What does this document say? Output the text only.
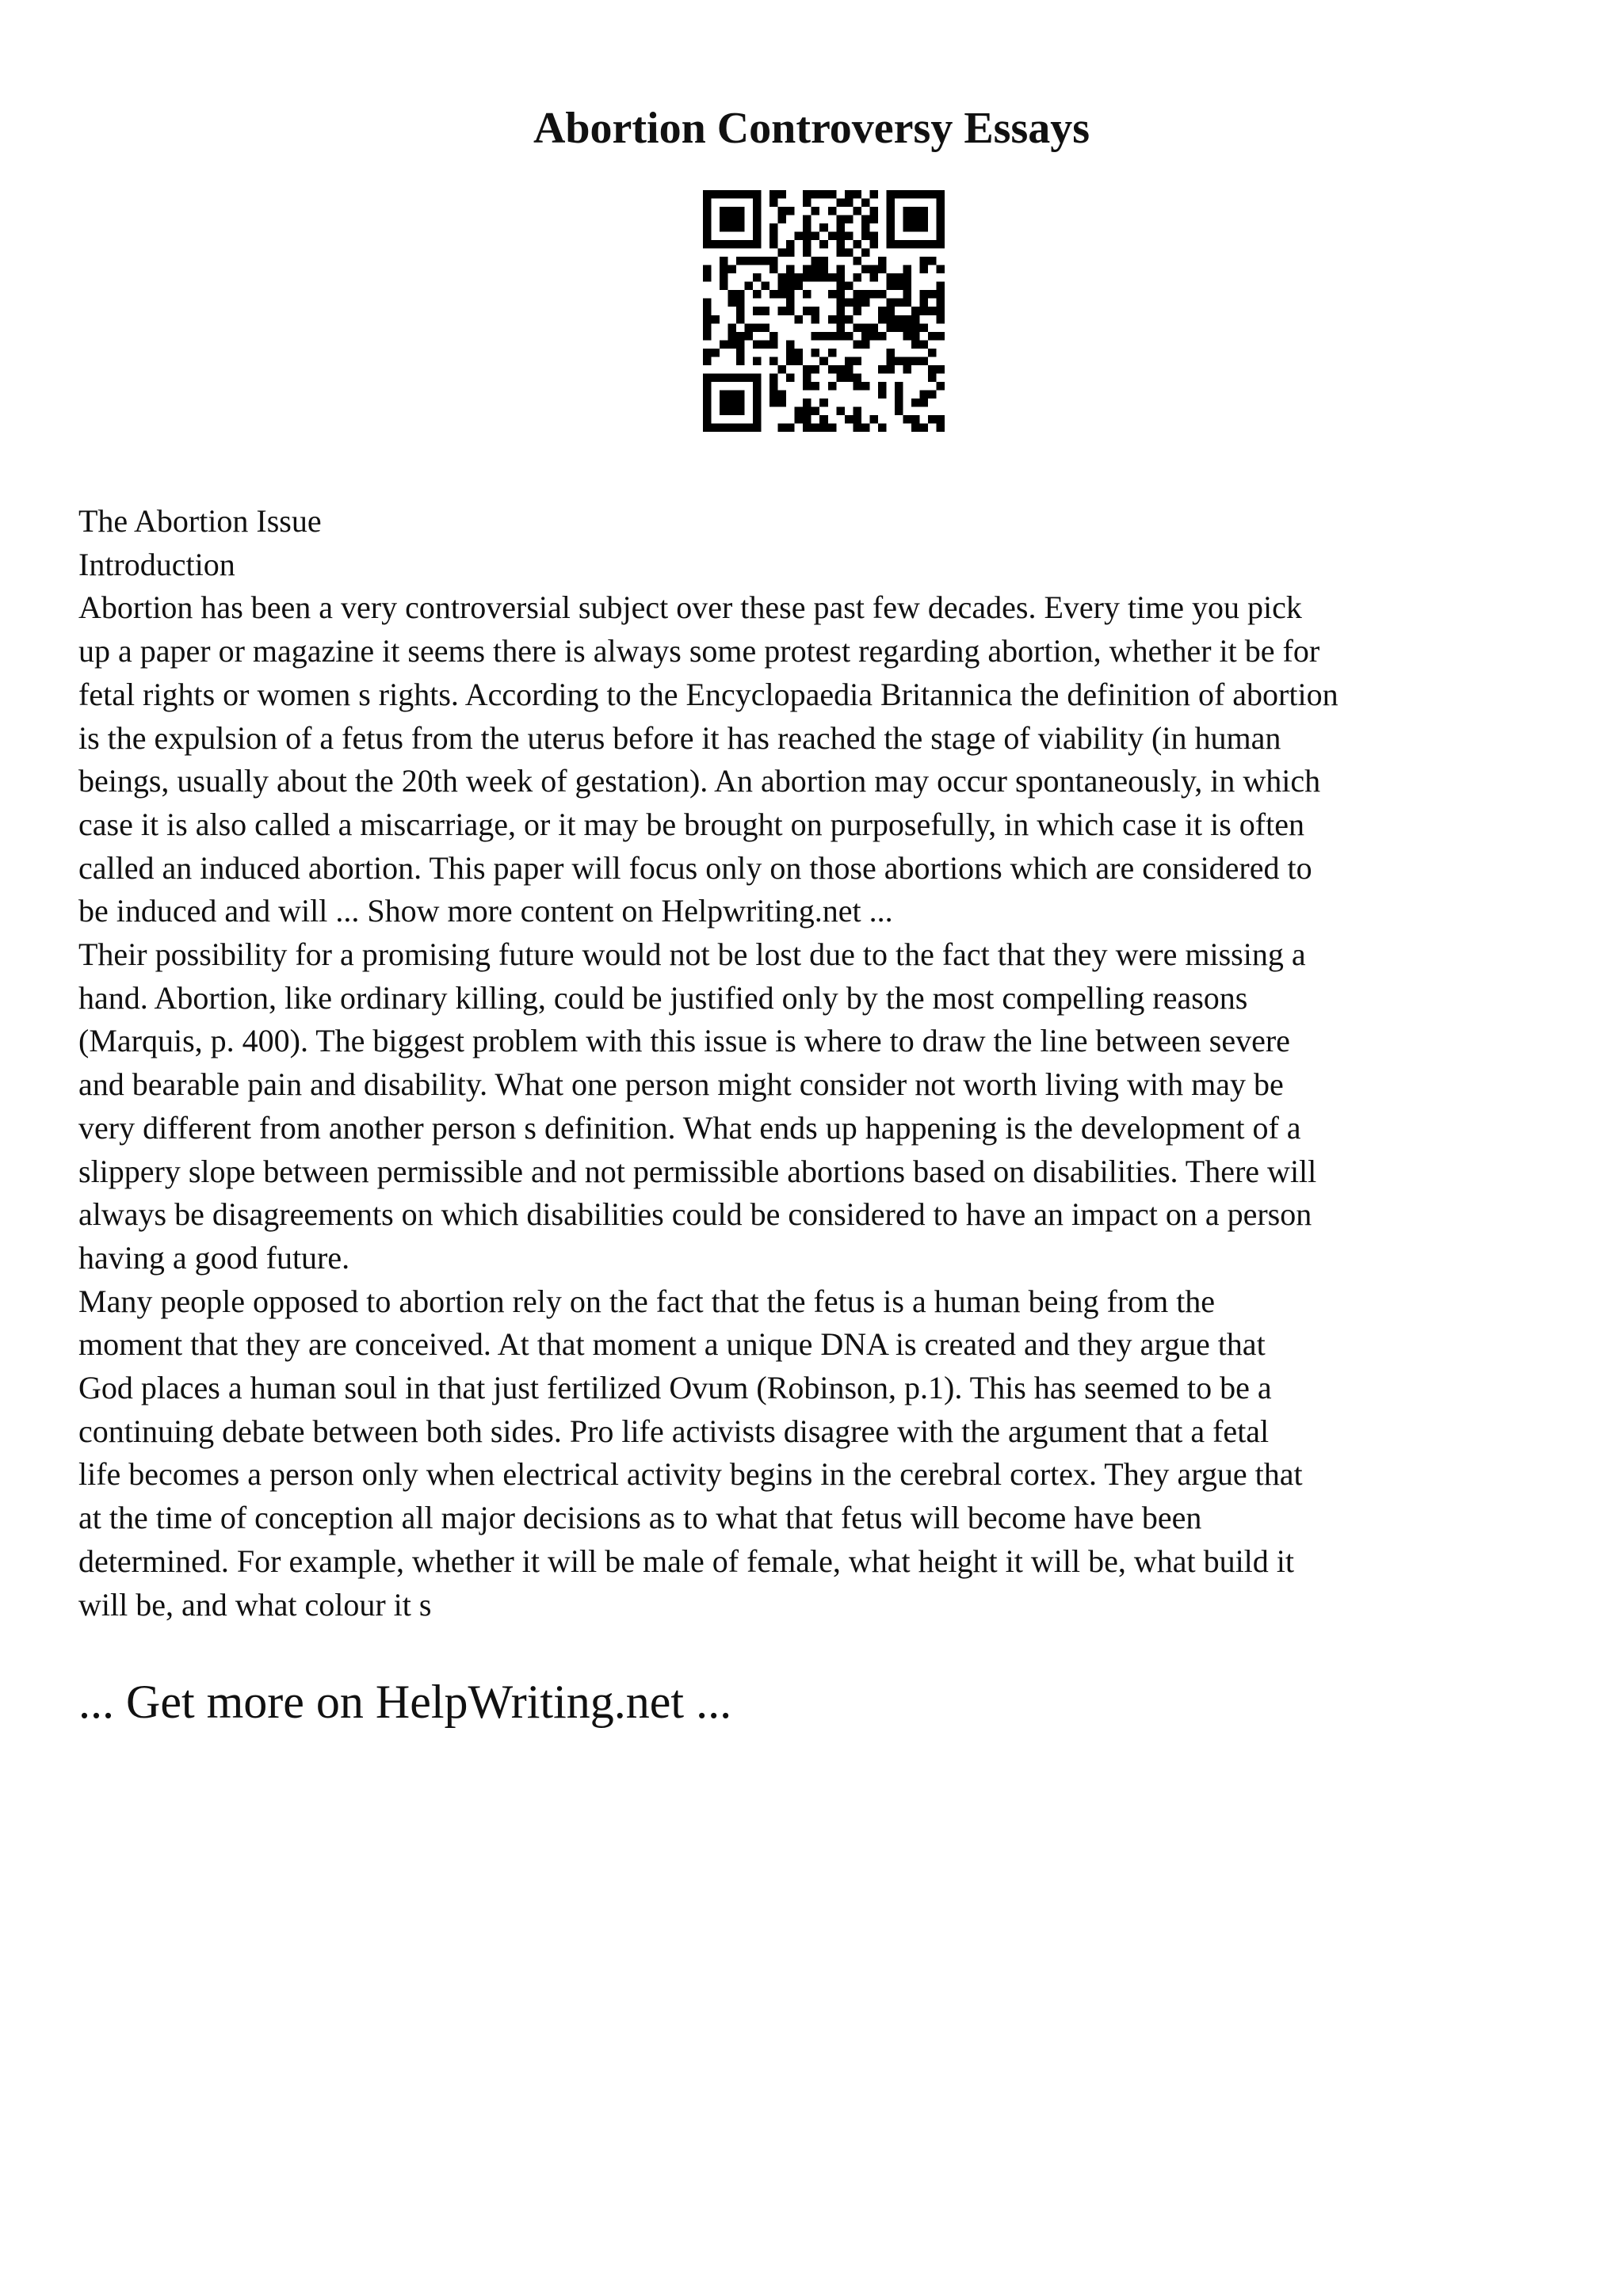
Abortion Controversy Essays

The Abortion Issue
Introduction

Abortion has been a very controversial subject over these past few decades. Every time you pick
up a paper or magazine it seems there is always some protest regarding abortion, whether it be for
fetal rights or women s rights. According to the Encyclopaedia Britannica the definition of abortion
is the expulsion of a fetus from the uterus before it has reached the stage of viability (in human
beings, usually about the 20th week of gestation). An abortion may occur spontaneously, in which
case it is also called a miscarriage, or it may be brought on purposefully, in which case it is often
called an induced abortion. This paper will focus only on those abortions which are considered to
be induced and will ... Show more content on Helpwriting.net ...

Their possibility for a promising future would not be lost due to the fact that they were missing a
hand. Abortion, like ordinary killing, could be justified only by the most compelling reasons
(Marquis, p. 400). The biggest problem with this issue is where to draw the line between severe
and bearable pain and disability. What one person might consider not worth living with may be
very different from another person s definition. What ends up happening is the development of a
slippery slope between permissible and not permissible abortions based on disabilities. There will
always be disagreements on which disabilities could be considered to have an impact on a person
having a good future.

Many people opposed to abortion rely on the fact that the fetus is a human being from the
moment that they are conceived. At that moment a unique DNA is created and they argue that
God places a human soul in that just fertilized Ovum (Robinson, p.1). This has seemed to be a
continuing debate between both sides. Pro life activists disagree with the argument that a fetal
life becomes a person only when electrical activity begins in the cerebral cortex. They argue that
at the time of conception all major decisions as to what that fetus will become have been
determined. For example, whether it will be male of female, what height it will be, what build it
will be, and what colour it s

... Get more on HelpWriting.net ...
